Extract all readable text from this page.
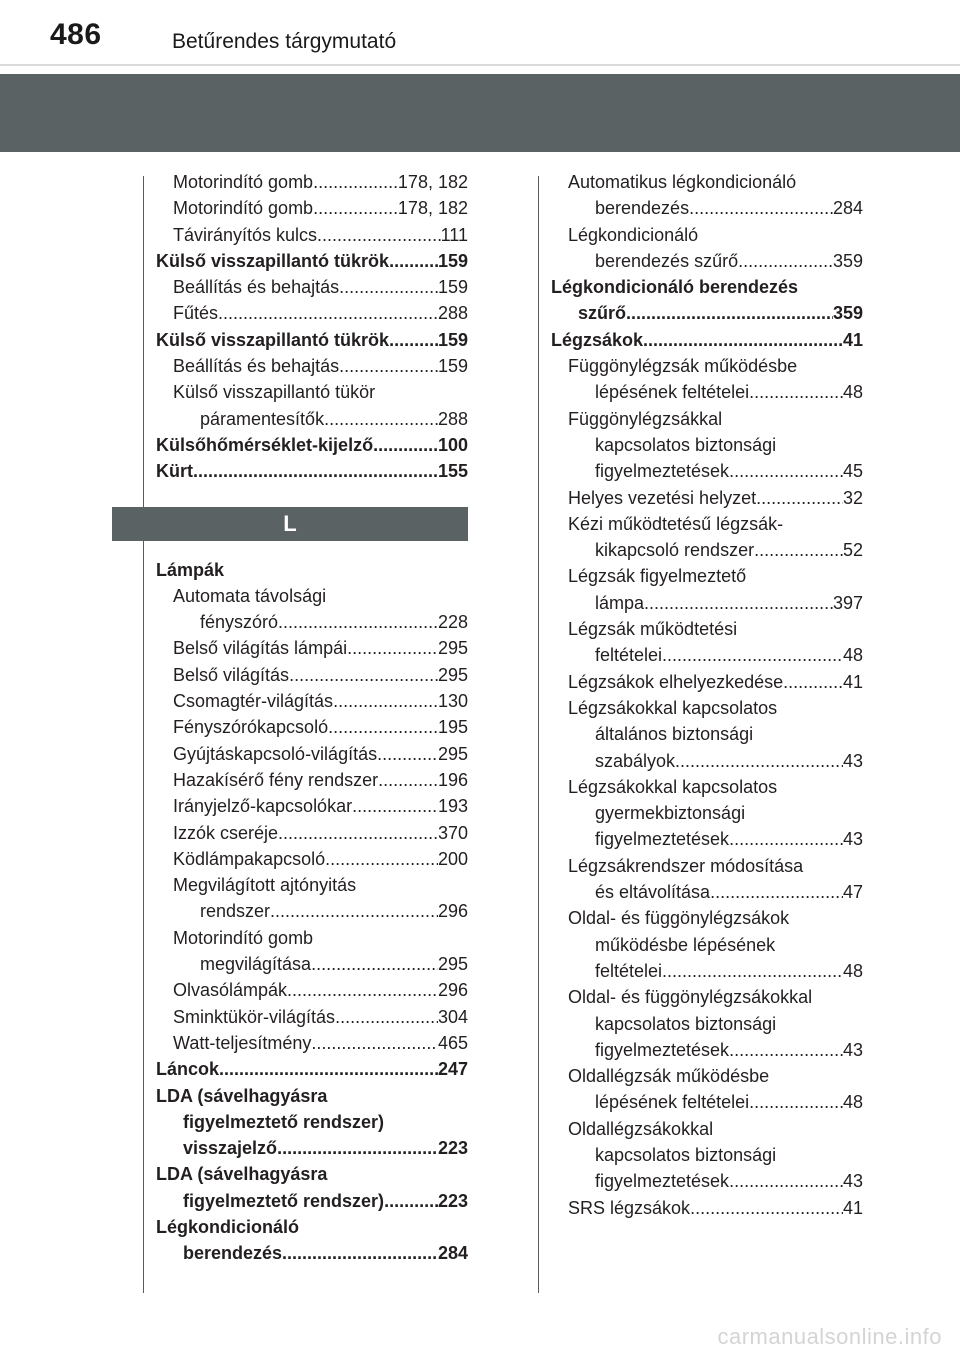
486	Betűrendes tárgymutató
Motorindító gomb .....	178, 182
Motorindító gomb .....	178, 182
Távirányítós kulcs .....	111
Külső visszapillantó tükrök .....	159
Beállítás és behajtás .....	159
Fűtés .....	288
Külső visszapillantó tükrök .....	159
Beállítás és behajtás .....	159
Külső visszapillantó tükör
páramentesítők .....	288
Külsőhőmérséklet-kijelző .....	100
Kürt .....	155
L
Lámpák
Automata távolsági
fényszóró .....	228
Belső világítás lámpái .....	295
Belső világítás .....	295
Csomagtér-világítás .....	130
Fényszórókapcsoló .....	195
Gyújtáskapcsoló-világítás .....	295
Hazakísérő fény rendszer .....	196
Irányjelző-kapcsolókar .....	193
Izzók cseréje .....	370
Ködlámpakapcsoló .....	200
Megvilágított ajtónyitás
rendszer .....	296
Motorindító gomb
megvilágítása .....	295
Olvasólámpák .....	296
Sminktükör-világítás .....	304
Watt-teljesítmény .....	465
Láncok .....	247
LDA (sávelhagyásra
figyelmeztető rendszer)
visszajelző .....	223
LDA (sávelhagyásra
figyelmeztető rendszer) .....	223
Légkondicionáló
berendezés .....	284
Automatikus légkondicionáló
berendezés .....	284
Légkondicionáló
berendezés szűrő .....	359
Légkondicionáló berendezés
szűrő .....	359
Légzsákok .....	41
Függönylégzsák működésbe
lépésének feltételei .....	48
Függönylégzsákkal
kapcsolatos biztonsági
figyelmeztetések .....	45
Helyes vezetési helyzet .....	32
Kézi működtetésű légzsák-
kikapcsoló rendszer .....	52
Légzsák figyelmeztető
lámpa .....	397
Légzsák működtetési
feltételei .....	48
Légzsákok elhelyezkedése .....	41
Légzsákokkal kapcsolatos
általános biztonsági
szabályok .....	43
Légzsákokkal kapcsolatos
gyermekbiztonsági
figyelmeztetések .....	43
Légzsákrendszer módosítása
és eltávolítása .....	47
Oldal- és függönylégzsákok
működésbe lépésének
feltételei .....	48
Oldal- és függönylégzsákokkal
kapcsolatos biztonsági
figyelmeztetések .....	43
Oldallégzsák működésbe
lépésének feltételei .....	48
Oldallégzsákokkal
kapcsolatos biztonsági
figyelmeztetések .....	43
SRS légzsákok .....	41
carmanualsonline.info
